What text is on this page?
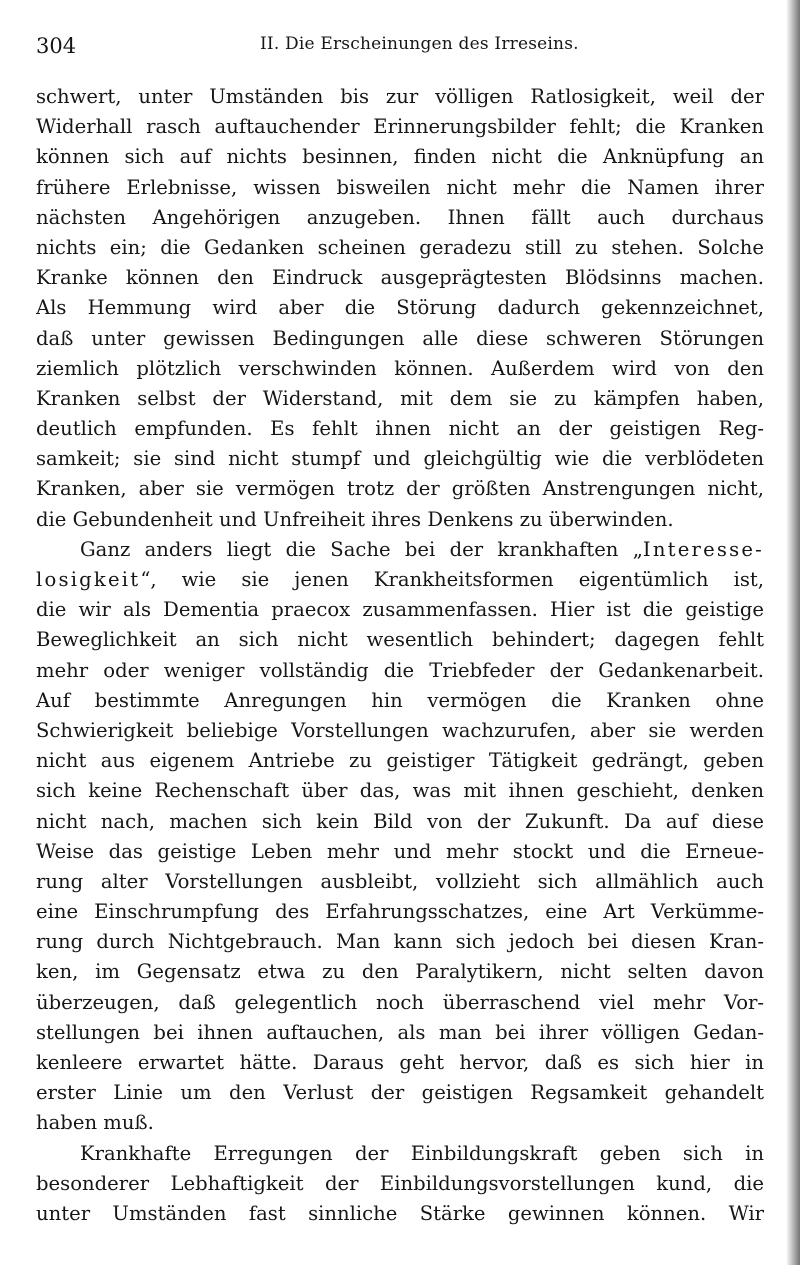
304	II. Die Erscheinungen des Irreseins.
schwert, unter Umständen bis zur völligen Ratlosigkeit, weil der
Widerhall rasch auftauchender Erinnerungsbilder fehlt; die Kranken
können sich auf nichts besinnen, finden nicht die Anknüpfung an
frühere Erlebnisse, wissen bisweilen nicht mehr die Namen ihrer
nächsten Angehörigen anzugeben. Ihnen fällt auch durchaus
nichts ein; die Gedanken scheinen geradezu still zu stehen. Solche
Kranke können den Eindruck ausgeprägtesten Blödsinns machen.
Als Hemmung wird aber die Störung dadurch gekennzeichnet,
daß unter gewissen Bedingungen alle diese schweren Störungen
ziemlich plötzlich verschwinden können. Außerdem wird von den
Kranken selbst der Widerstand, mit dem sie zu kämpfen haben,
deutlich empfunden. Es fehlt ihnen nicht an der geistigen Reg-
samkeit; sie sind nicht stumpf und gleichgültig wie die verblödeten
Kranken, aber sie vermögen trotz der größten Anstrengungen nicht,
die Gebundenheit und Unfreiheit ihres Denkens zu überwinden.
Ganz anders liegt die Sache bei der krankhaften „Interesse-
losigkeit“, wie sie jenen Krankheitsformen eigentümlich ist,
die wir als Dementia praecox zusammenfassen. Hier ist die geistige
Beweglichkeit an sich nicht wesentlich behindert; dagegen fehlt
mehr oder weniger vollständig die Triebfeder der Gedankenarbeit.
Auf bestimmte Anregungen hin vermögen die Kranken ohne
Schwierigkeit beliebige Vorstellungen wachzurufen, aber sie werden
nicht aus eigenem Antriebe zu geistiger Tätigkeit gedrängt, geben
sich keine Rechenschaft über das, was mit ihnen geschieht, denken
nicht nach, machen sich kein Bild von der Zukunft. Da auf diese
Weise das geistige Leben mehr und mehr stockt und die Erneue-
rung alter Vorstellungen ausbleibt, vollzieht sich allmählich auch
eine Einschrumpfung des Erfahrungsschatzes, eine Art Verkümme-
rung durch Nichtgebrauch. Man kann sich jedoch bei diesen Kran-
ken, im Gegensatz etwa zu den Paralytikern, nicht selten davon
überzeugen, daß gelegentlich noch überraschend viel mehr Vor-
stellungen bei ihnen auftauchen, als man bei ihrer völligen Gedan-
kenleere erwartet hätte. Daraus geht hervor, daß es sich hier in
erster Linie um den Verlust der geistigen Regsamkeit gehandelt
haben muß.
Krankhafte Erregungen der Einbildungskraft geben sich in
besonderer Lebhaftigkeit der Einbildungsvorstellungen kund, die
unter Umständen fast sinnliche Stärke gewinnen können. Wir
